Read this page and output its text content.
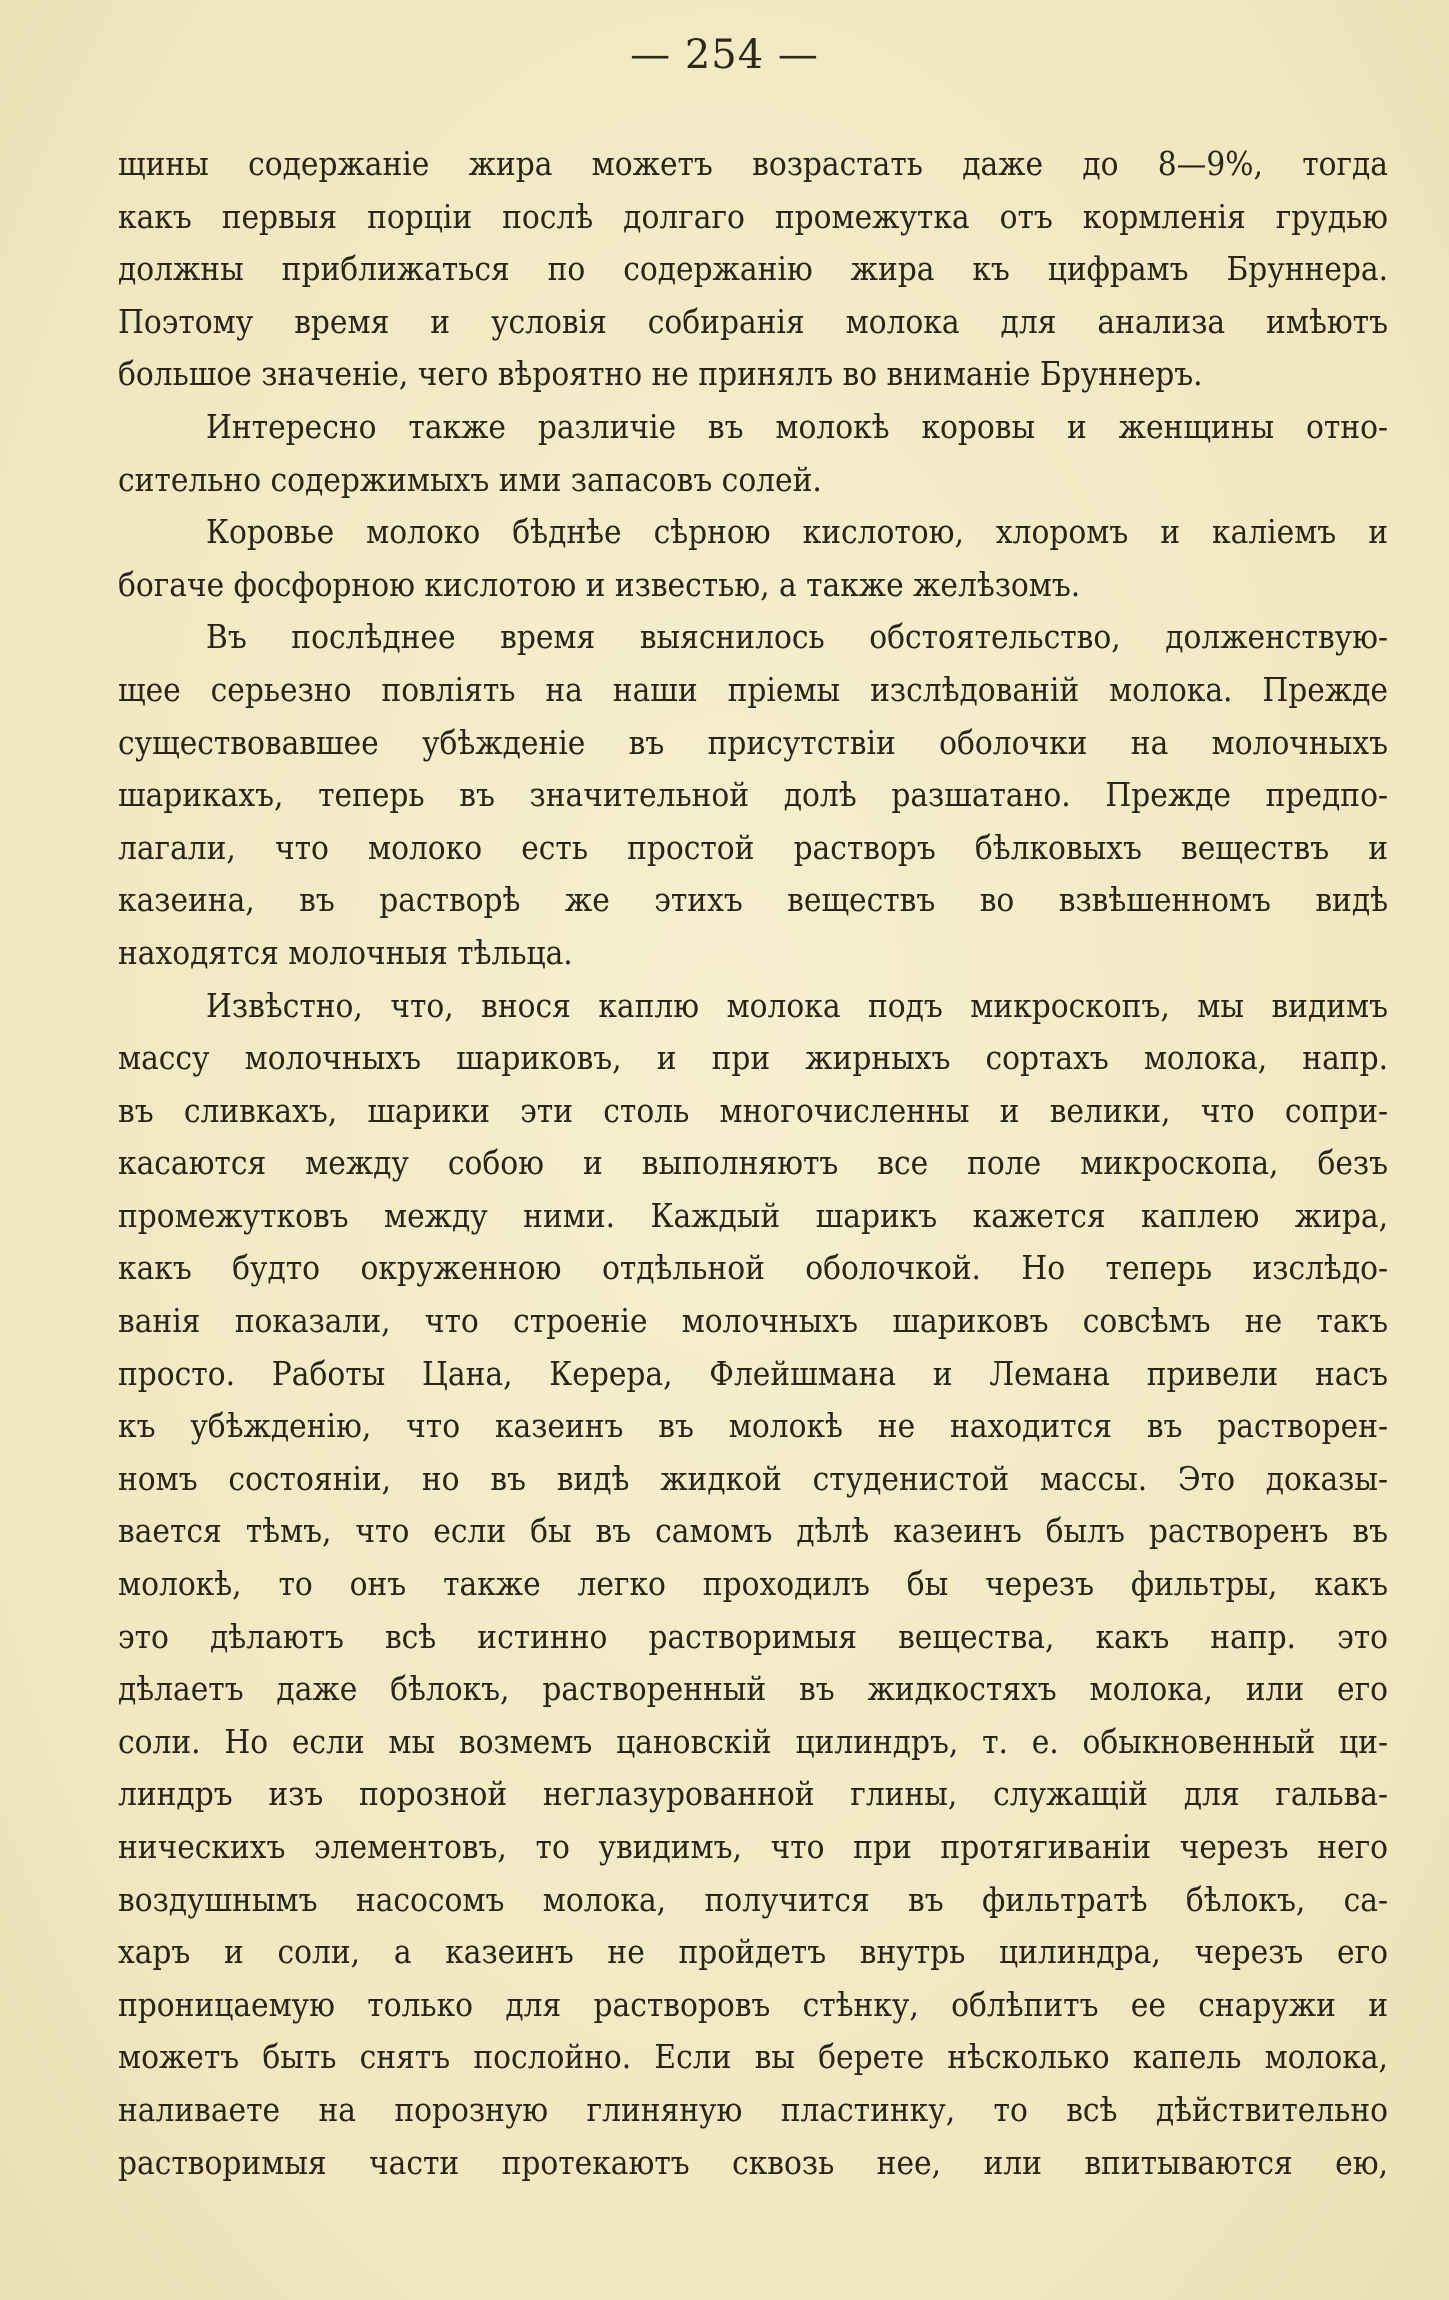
— 254 —
щины содержаніе жира можетъ возрастать даже до 8—9%, тогда
какъ первыя порціи послѣ долгаго промежутка отъ кормленія грудью
должны приближаться по содержанію жира къ цифрамъ Бруннера.
Поэтому время и условія собиранія молока для анализа имѣютъ
большое значеніе, чего вѣроятно не принялъ во вниманіе Бруннеръ.
Интересно также различіе въ молокѣ коровы и женщины отно-
сительно содержимыхъ ими запасовъ солей.
Коровье молоко бѣднѣе сѣрною кислотою, хлоромъ и каліемъ и
богаче фосфорною кислотою и известью, а также желѣзомъ.
Въ послѣднее время выяснилось обстоятельство, долженствую-
щее серьезно повліять на наши пріемы изслѣдованій молока. Прежде
существовавшее убѣжденіе въ присутствіи оболочки на молочныхъ
шарикахъ, теперь въ значительной долѣ разшатано. Прежде предпо-
лагали, что молоко есть простой растворъ бѣлковыхъ веществъ и
казеина, въ растворѣ же этихъ веществъ во взвѣшенномъ видѣ
находятся молочныя тѣльца.
Извѣстно, что, внося каплю молока подъ микроскопъ, мы видимъ
массу молочныхъ шариковъ, и при жирныхъ сортахъ молока, напр.
въ сливкахъ, шарики эти столь многочисленны и велики, что сопри-
касаются между собою и выполняютъ все поле микроскопа, безъ
промежутковъ между ними. Каждый шарикъ кажется каплею жира,
какъ будто окруженною отдѣльной оболочкой. Но теперь изслѣдо-
ванія показали, что строеніе молочныхъ шариковъ совсѣмъ не такъ
просто. Работы Цана, Керера, Флейшмана и Лемана привели насъ
къ убѣжденію, что казеинъ въ молокѣ не находится въ растворен-
номъ состояніи, но въ видѣ жидкой студенистой массы. Это доказы-
вается тѣмъ, что если бы въ самомъ дѣлѣ казеинъ былъ растворенъ въ
молокѣ, то онъ также легко проходилъ бы черезъ фильтры, какъ
это дѣлаютъ всѣ истинно растворимыя вещества, какъ напр. это
дѣлаетъ даже бѣлокъ, растворенный въ жидкостяхъ молока, или его
соли. Но если мы возмемъ цановскій цилиндръ, т. е. обыкновенный ци-
линдръ изъ порозной неглазурованной глины, служащій для гальва-
ническихъ элементовъ, то увидимъ, что при протягиваніи черезъ него
воздушнымъ насосомъ молока, получится въ фильтратѣ бѣлокъ, са-
харъ и соли, а казеинъ не пройдетъ внутрь цилиндра, черезъ его
проницаемую только для растворовъ стѣнку, облѣпитъ ее снаружи и
можетъ быть снятъ послойно. Если вы берете нѣсколько капель молока,
наливаете на порозную глиняную пластинку, то всѣ дѣйствительно
растворимыя части протекаютъ сквозь нее, или впитываются ею,
